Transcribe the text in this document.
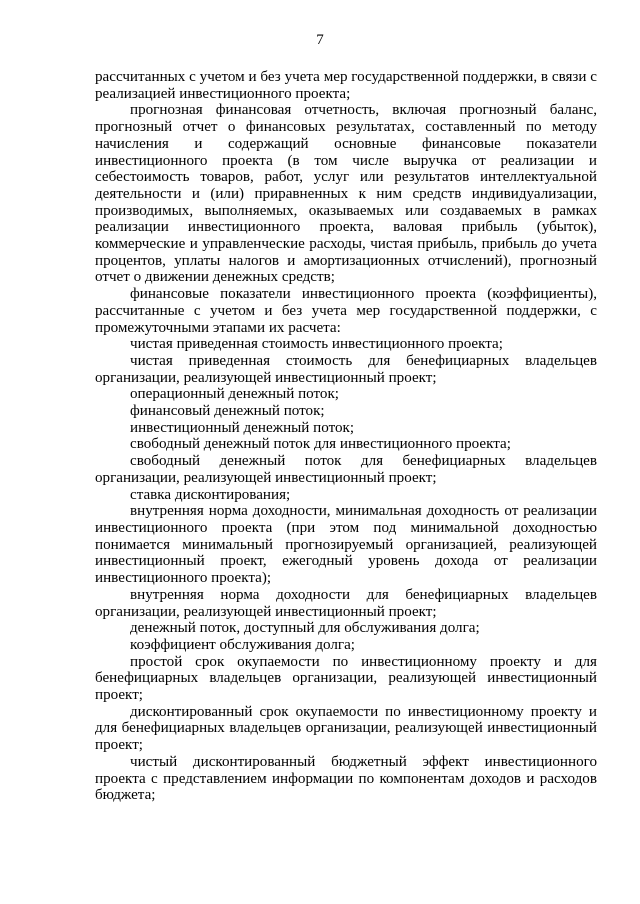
7

рассчитанных с учетом и без учета мер государственной поддержки, в связи с реализацией инвестиционного проекта;

прогнозная финансовая отчетность, включая прогнозный баланс, прогнозный отчет о финансовых результатах, составленный по методу начисления и содержащий основные финансовые показатели инвестиционного проекта (в том числе выручка от реализации и себестоимость товаров, работ, услуг или результатов интеллектуальной деятельности и (или) приравненных к ним средств индивидуализации, производимых, выполняемых, оказываемых или создаваемых в рамках реализации инвестиционного проекта, валовая прибыль (убыток), коммерческие и управленческие расходы, чистая прибыль, прибыль до учета процентов, уплаты налогов и амортизационных отчислений), прогнозный отчет о движении денежных средств;

финансовые показатели инвестиционного проекта (коэффициенты), рассчитанные с учетом и без учета мер государственной поддержки, с промежуточными этапами их расчета:

чистая приведенная стоимость инвестиционного проекта;

чистая приведенная стоимость для бенефициарных владельцев организации, реализующей инвестиционный проект;

операционный денежный поток;

финансовый денежный поток;

инвестиционный денежный поток;

свободный денежный поток для инвестиционного проекта;

свободный денежный поток для бенефициарных владельцев организации, реализующей инвестиционный проект;

ставка дисконтирования;

внутренняя норма доходности, минимальная доходность от реализации инвестиционного проекта (при этом под минимальной доходностью понимается минимальный прогнозируемый организацией, реализующей инвестиционный проект, ежегодный уровень дохода от реализации инвестиционного проекта);

внутренняя норма доходности для бенефициарных владельцев организации, реализующей инвестиционный проект;

денежный поток, доступный для обслуживания долга;

коэффициент обслуживания долга;

простой срок окупаемости по инвестиционному проекту и для бенефициарных владельцев организации, реализующей инвестиционный проект;

дисконтированный срок окупаемости по инвестиционному проекту и для бенефициарных владельцев организации, реализующей инвестиционный проект;

чистый дисконтированный бюджетный эффект инвестиционного проекта с представлением информации по компонентам доходов и расходов бюджета;
